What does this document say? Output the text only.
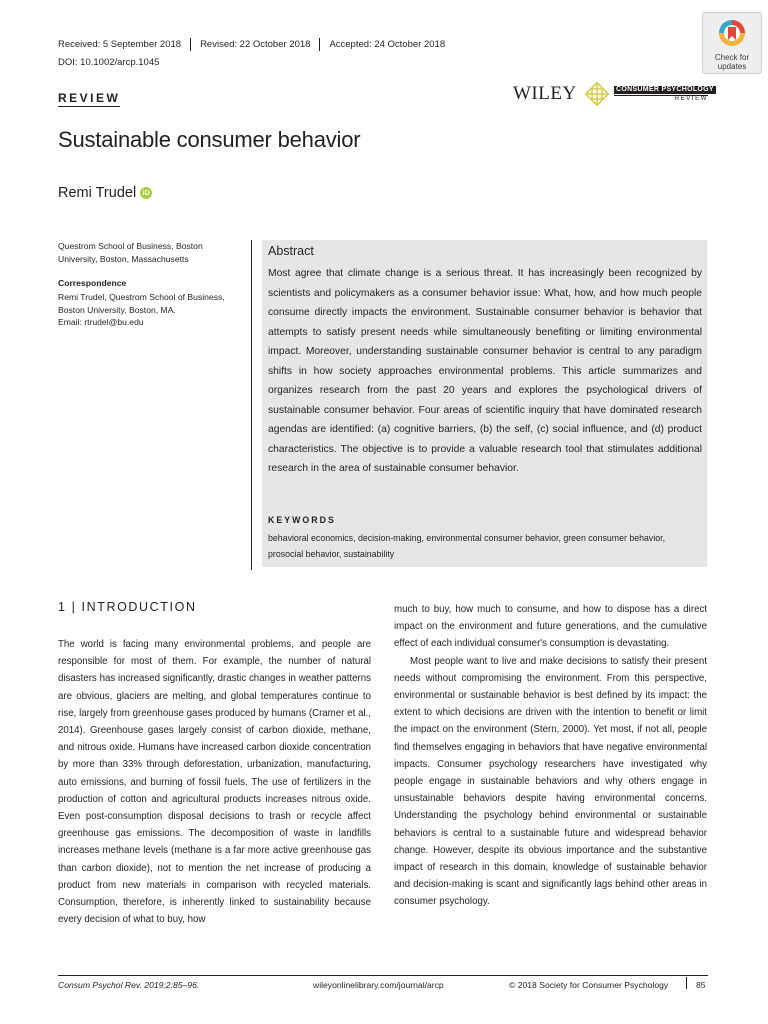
Received: 5 September 2018	Revised: 22 October 2018	Accepted: 24 October 2018
DOI: 10.1002/arcp.1045	Check for
updates
REVIEW	WILEY	CONSUMER PSYCHOLOGY
REVIEW
Sustainable consumer behavior
Remi Trudel iD
Questrom School of Business, Boston University, Boston, Massachusetts
Correspondence
Remi Trudel, Questrom School of Business,
Boston University, Boston, MA.
Email: rtrudel@bu.edu
Abstract
Most agree that climate change is a serious threat. It has increasingly been recognized by scientists and policymakers as a consumer behavior issue: What, how, and how much people consume directly impacts the environment. Sustainable consumer behavior is behavior that attempts to satisfy present needs while simultaneously benefiting or limiting environmental impact. Moreover, understanding sustainable consumer behavior is central to any paradigm shifts in how society approaches environmental problems. This article summarizes and organizes research from the past 20 years and explores the psychological drivers of sustainable consumer behavior. Four areas of scientific inquiry that have dominated research agendas are identified: (a) cognitive barriers, (b) the self, (c) social influence, and (d) product characteristics. The objective is to provide a valuable research tool that stimulates additional research in the area of sustainable consumer behavior.
KEYWORDS
behavioral economics, decision-making, environmental consumer behavior, green consumer behavior, prosocial behavior, sustainability
1 | INTRODUCTION

The world is facing many environmental problems, and people are responsible for most of them. For example, the number of natural disasters has increased significantly, drastic changes in weather patterns are obvious, glaciers are melting, and global temperatures continue to rise, largely from greenhouse gases produced by humans (Cramer et al., 2014). Greenhouse gases largely consist of carbon dioxide, methane, and nitrous oxide. Humans have increased carbon dioxide concentration by more than 33% through deforestation, urbanization, manufacturing, auto emissions, and burning of fossil fuels. The use of fertilizers in the production of cotton and agricultural products increases nitrous oxide. Even post-consumption disposal decisions to trash or recycle affect greenhouse gas emissions. The decomposition of waste in landfills increases methane levels (methane is a far more active greenhouse gas than carbon dioxide), not to mention the net increase of producing a product from new materials in comparison with recycled materials. Consumption, therefore, is inherently linked to sustainability because every decision of what to buy, how

much to buy, how much to consume, and how to dispose has a direct impact on the environment and future generations, and the cumulative effect of each individual consumer's consumption is devastating.

Most people want to live and make decisions to satisfy their present needs without compromising the environment. From this perspective, environmental or sustainable behavior is best defined by its impact: the extent to which decisions are driven with the intention to benefit or limit the impact on the environment (Stern, 2000). Yet most, if not all, people find themselves engaging in behaviors that have negative environmental impacts. Consumer psychology researchers have investigated why people engage in sustainable behaviors and why others engage in unsustainable behaviors despite having environmental concerns. Understanding the psychology behind environmental or sustainable behaviors is central to a sustainable future and widespread behavior change. However, despite its obvious importance and the substantive impact of research in this domain, knowledge of sustainable behavior and decision-making is scant and significantly lags behind other areas in consumer psychology.

Consum Psychol Rev. 2019;2:85–96.	wileyonlinelibrary.com/journal/arcp	© 2018 Society for Consumer Psychology	85
